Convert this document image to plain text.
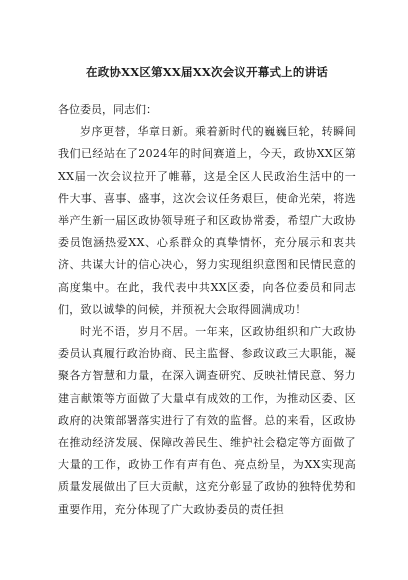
在政协XX区第XX届XX次会议开幕式上的讲话

各位委员，同志们：

岁序更替，华章日新。乘着新时代的巍巍巨轮，转瞬间我们已经站在了2024年的时间赛道上，今天，政协XX区第XX届一次会议拉开了帷幕，这是全区人民政治生活中的一件大事、喜事、盛事，这次会议任务艰巨，使命光荣，将选举产生新一届区政协领导班子和区政协常委，希望广大政协委员饱涵热爱XX、心系群众的真挚情怀，充分展示和衷共济、共谋大计的信心决心，努力实现组织意图和民情民意的高度集中。在此，我代表中共XX区委，向各位委员和同志们，致以诚挚的问候，并预祝大会取得圆满成功！

时光不语，岁月不居。一年来，区政协组织和广大政协委员认真履行政治协商、民主监督、参政议政三大职能，凝聚各方智慧和力量，在深入调查研究、反映社情民意、努力建言献策等方面做了大量卓有成效的工作，为推动区委、区政府的决策部署落实进行了有效的监督。总的来看，区政协在推动经济发展、保障改善民生、维护社会稳定等方面做了大量的工作，政协工作有声有色、亮点纷呈，为XX实现高质量发展做出了巨大贡献，这充分彰显了政协的独特优势和重要作用，充分体现了广大政协委员的责任担
